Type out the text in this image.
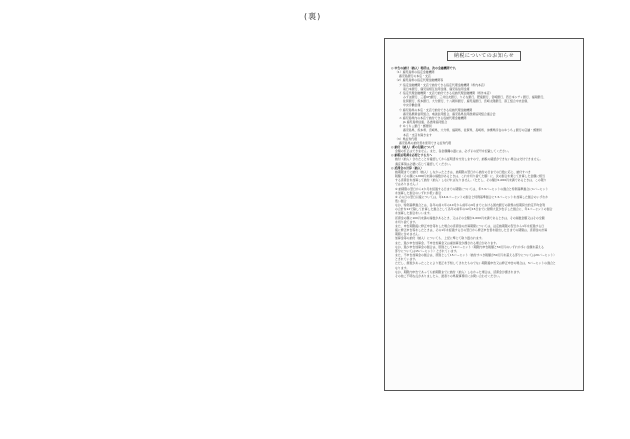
(裏)
納税についてのお知らせ
◎ 申告の納付（納入）場所は、次の金融機関です。
（1）鹿児島県の指定金融機関
鹿児島銀行の本店・支店
（2）鹿児島県の指定代理金融機関等
ア 指定金融機関・支店で納付できる指定代理金融機関（県内本店）
南日本銀行、鹿児島相互信用金庫、鹿児島信用金庫
イ 指定代理金融機関・支店で納付できる収納代理金融機関（県外本店）
みずほ銀行、三菱UFJ銀行、三井住友銀行、りそな銀行、肥後銀行、宮崎銀行、西日本シティ銀行、福岡銀行、
佐賀銀行、熊本銀行、大分銀行、十八親和銀行、鹿児島銀行、宮崎太陽銀行、商工組合中央金庫、
中央労働金庫
ウ 鹿児島県の本店・支店で納付できる収納代理金融機関
鹿児島興業信用組合、奄美信用組合、鹿児島県信用漁業協同組合連合会
エ 鹿児島県内の本店で納付できる収納代理金融機関
JA 鹿児島県信連、各農業協同組合
オ ゆうちょ銀行・郵便局
鹿児島県、熊本県、宮崎県、大分県、福岡県、佐賀県、長崎県、沖縄県所在のゆうちょ銀行の店舗・郵便局
本店・支店を除きます
（3）県証券代理
鹿児島県の納付書を使用できる証券代理
◎ 納付（納入）書の記載について
金額の訂正はできません。また、各金額欄の頭には、必ず￥の記号を記載してください。
◎ 納税証明書を必要とする方へ
納付（納入）されたことを確認してから証明書を交付しますので、納税の確認ができない場合は交付できません。
適宜事項は必要に応じて確認してください。
◎ 延滞金の計算（納入）
納期限までに納付（納入）しなかったときは、納期限の翌日から納付の日までの日数に応じ、納付すべき
税額（その額に1,000円未満の端数があるときは、これを切り捨てた額）に、次の割合を乗じて計算した金額に相当
する延滞金を加算して納付（納入）しなければなりません。（ただし、その額が1,000円未満であるときは、この限り
ではありません。）
① 納期限の翌日から1か月を経過する日までの期間については、年7.3パーセントの割合と特例基準割合に1パーセント
を加算した割合のいずれか低い割合
② その日の翌日以後については、年14.6パーセントの割合と特例基準割合に7.3パーセントを加算した割合のいずれか
低い割合
なお、特例基準割合とは、各年の前々年の10月から前年の9月までにおける国内銀行の新規の短期貸出約定平均金利
の合計を12で除して計算した割合として各年の前年の12月15日までに財務大臣が告示した割合に、年1パーセントの割合
を加算した割合をいいます。
延滞金の額に100円未満の端数があるとき、又はその全額が1,000円未満であるときは、その端数金額又はその全額
を切り捨てます。
また、申告期限後に修正申告等をした場合の延滞金の計算期間については、法定納期限の翌日から1年を経過する日
後に修正申告等をしたときは、その1年を経過する日の翌日から修正申告書を提出した日までの期間は、延滞金の計算
期間に含めません。
加算金等の納付（納入）についても、上記に準じて取り扱われます。
また、過少申告加算金、不申告加算金又は重加算金が課される場合があります。
なお、過少申告加算金の割合は、原則として10パーセント（期限内申告税額と50万円のいずれか多い金額を超える
部分については15パーセント）とされています。
また、不申告加算金の割合は、原則として15パーセント（納付すべき税額が50万円を超える部分については20パーセント）
とされています。
ただし、調査があったことにより更正を予知してされたものでない期限後申告又は修正申告の場合は、5パーセントの割合と
なります。
なお、期限内申告であっても納期限までに納付（納入）しなかった場合は、延滞金が課されます。
その他ご不明な点がありましたら、最寄りの県税事務所にお問い合わせください。
